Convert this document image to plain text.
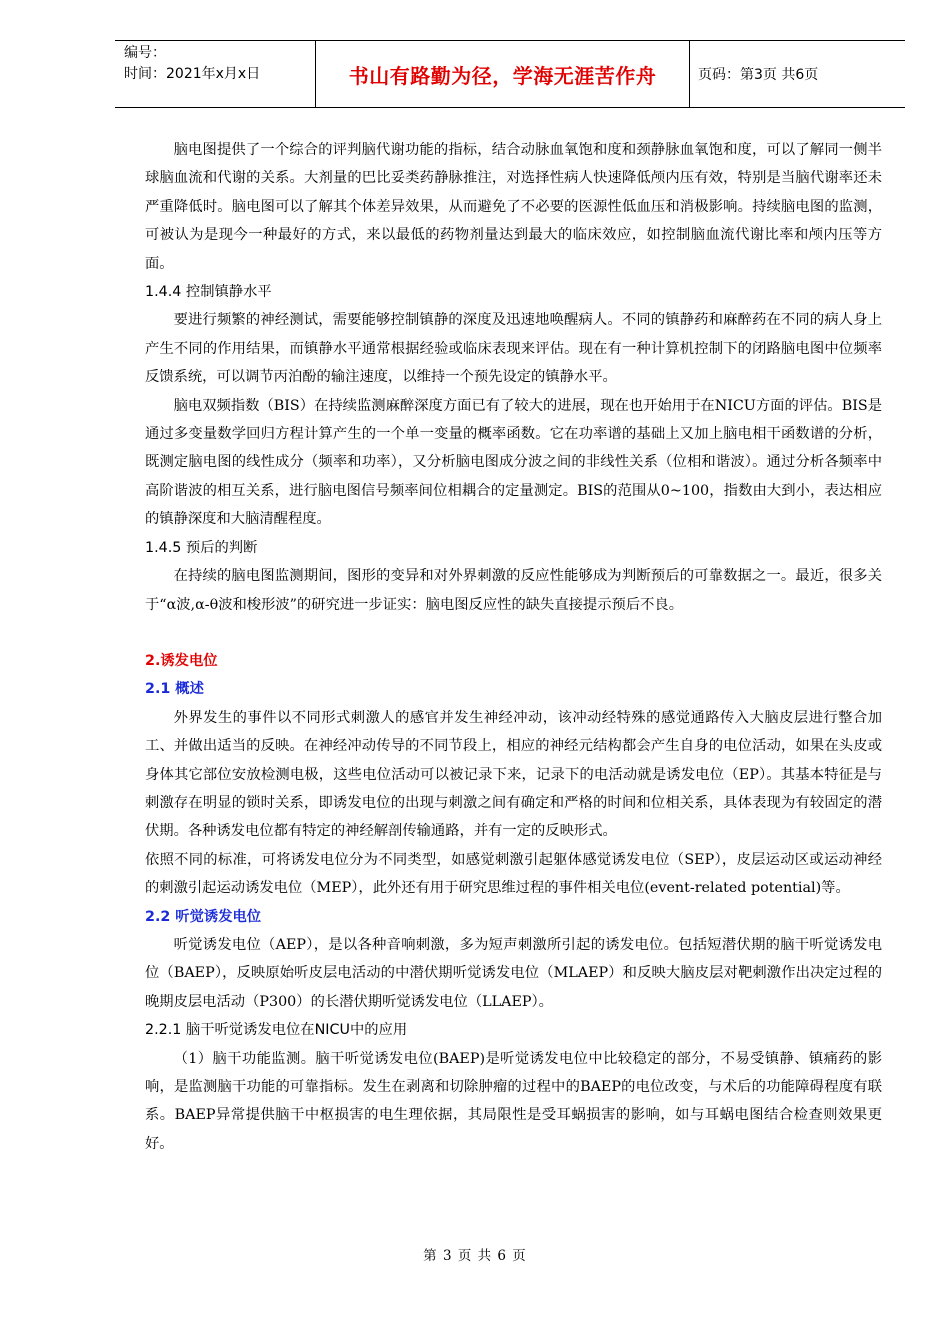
编号：
时间：2021年x月x日	书山有路勤为径，学海无涯苦作舟	页码：第3页 共6页

脑电图提供了一个综合的评判脑代谢功能的指标，结合动脉血氧饱和度和颈静脉血氧饱和度，可以了解同一侧半球脑血流和代谢的关系。大剂量的巴比妥类药静脉推注，对选择性病人快速降低颅内压有效，特别是当脑代谢率还未严重降低时。脑电图可以了解其个体差异效果，从而避免了不必要的医源性低血压和消极影响。持续脑电图的监测，可被认为是现今一种最好的方式，来以最低的药物剂量达到最大的临床效应，如控制脑血流代谢比率和颅内压等方面。

1.4.4 控制镇静水平

要进行频繁的神经测试，需要能够控制镇静的深度及迅速地唤醒病人。不同的镇静药和麻醉药在不同的病人身上产生不同的作用结果，而镇静水平通常根据经验或临床表现来评估。现在有一种计算机控制下的闭路脑电图中位频率反馈系统，可以调节丙泊酚的输注速度，以维持一个预先设定的镇静水平。

脑电双频指数（BIS）在持续监测麻醉深度方面已有了较大的进展，现在也开始用于在NICU方面的评估。BIS是通过多变量数学回归方程计算产生的一个单一变量的概率函数。它在功率谱的基础上又加上脑电相干函数谱的分析，既测定脑电图的线性成分（频率和功率），又分析脑电图成分波之间的非线性关系（位相和谐波）。通过分析各频率中高阶谐波的相互关系，进行脑电图信号频率间位相耦合的定量测定。BIS的范围从0~100，指数由大到小，表达相应的镇静深度和大脑清醒程度。

1.4.5 预后的判断

在持续的脑电图监测期间，图形的变异和对外界刺激的反应性能够成为判断预后的可靠数据之一。最近，很多关于“α波,α-θ波和梭形波”的研究进一步证实：脑电图反应性的缺失直接提示预后不良。

2.诱发电位
2.1 概述

外界发生的事件以不同形式刺激人的感官并发生神经冲动，该冲动经特殊的感觉通路传入大脑皮层进行整合加工、并做出适当的反映。在神经冲动传导的不同节段上，相应的神经元结构都会产生自身的电位活动，如果在头皮或身体其它部位安放检测电极，这些电位活动可以被记录下来，记录下的电活动就是诱发电位（EP）。其基本特征是与刺激存在明显的锁时关系，即诱发电位的出现与刺激之间有确定和严格的时间和位相关系，具体表现为有较固定的潜伏期。各种诱发电位都有特定的神经解剖传输通路，并有一定的反映形式。

依照不同的标准，可将诱发电位分为不同类型，如感觉刺激引起躯体感觉诱发电位（SEP），皮层运动区或运动神经的刺激引起运动诱发电位（MEP），此外还有用于研究思维过程的事件相关电位(event-related potential)等。

2.2 听觉诱发电位

听觉诱发电位（AEP），是以各种音响刺激，多为短声刺激所引起的诱发电位。包括短潜伏期的脑干听觉诱发电位（BAEP），反映原始听皮层电活动的中潜伏期听觉诱发电位（MLAEP）和反映大脑皮层对靶刺激作出决定过程的晚期皮层电活动（P300）的长潜伏期听觉诱发电位（LLAEP）。

2.2.1 脑干听觉诱发电位在NICU中的应用

（1）脑干功能监测。脑干听觉诱发电位(BAEP)是听觉诱发电位中比较稳定的部分，不易受镇静、镇痛药的影响，是监测脑干功能的可靠指标。发生在剥离和切除肿瘤的过程中的BAEP的电位改变，与术后的功能障碍程度有联系。BAEP异常提供脑干中枢损害的电生理依据，其局限性是受耳蜗损害的影响，如与耳蜗电图结合检查则效果更好。

第 3 页 共 6 页
